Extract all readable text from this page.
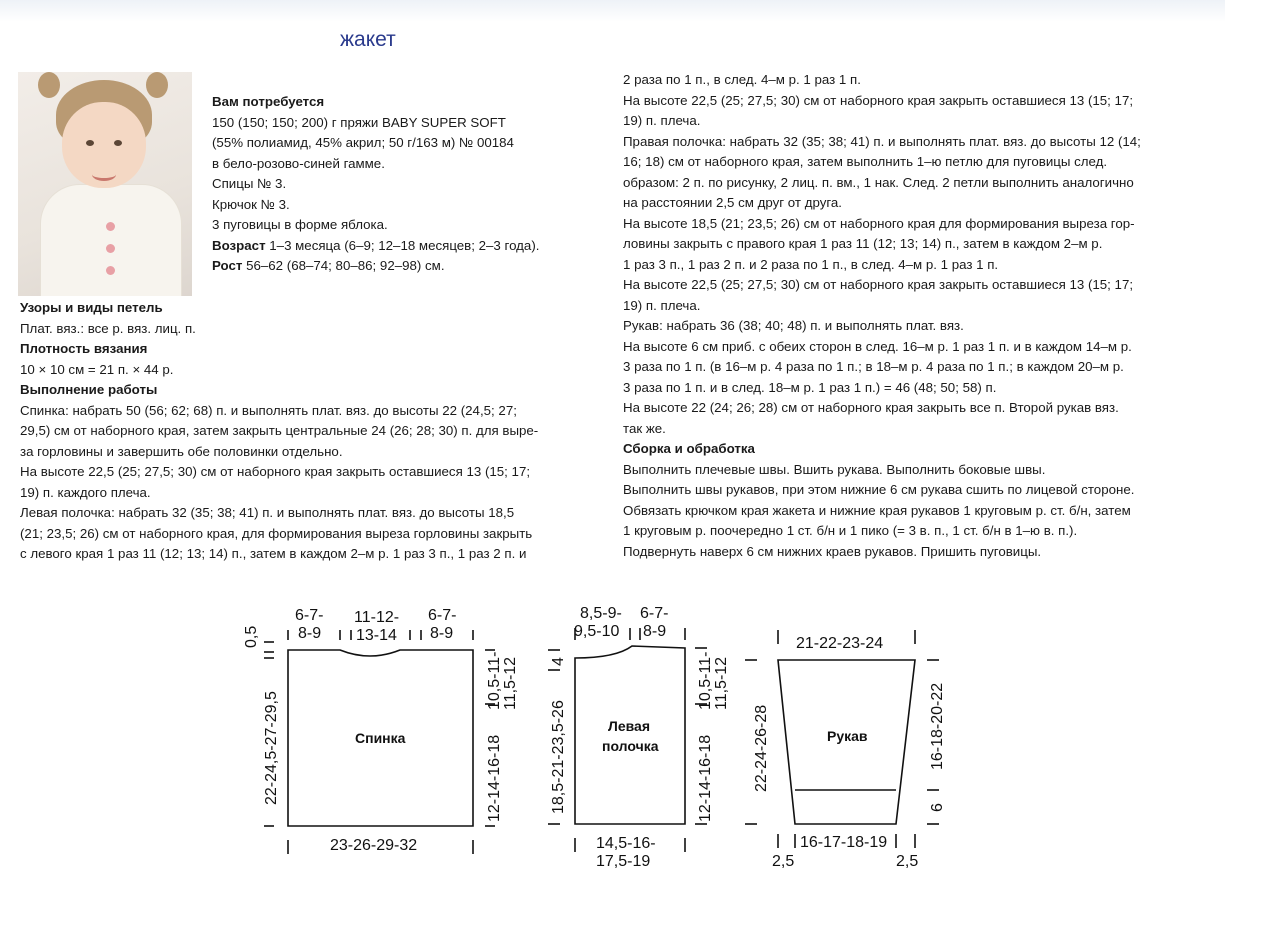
жакет
Вам потребуется
150 (150; 150; 200) г пряжи BABY SUPER SOFT
(55% полиамид, 45% акрил; 50 г/163 м) № 00184
в бело-розово-синей гамме.
Спицы № 3.
Крючок № 3.
3 пуговицы в форме яблока.
Возраст 1–3 месяца (6–9; 12–18 месяцев; 2–3 года).
Рост 56–62 (68–74; 80–86; 92–98) см.
Узоры и виды петель
Плат. вяз.: все р. вяз. лиц. п.
Плотность вязания
10 × 10 см = 21 п. × 44 р.
Выполнение работы
Спинка: набрать 50 (56; 62; 68) п. и выполнять плат. вяз. до высоты 22 (24,5; 27;
29,5) см от наборного края, затем закрыть центральные 24 (26; 28; 30) п. для выре-
за горловины и завершить обе половинки отдельно.
На высоте 22,5 (25; 27,5; 30) см от наборного края закрыть оставшиеся 13 (15; 17;
19) п. каждого плеча.
Левая полочка: набрать 32 (35; 38; 41) п. и выполнять плат. вяз. до высоты 18,5
(21; 23,5; 26) см от наборного края, для формирования выреза горловины закрыть
с левого края 1 раз 11 (12; 13; 14) п., затем в каждом 2–м р. 1 раз 3 п., 1 раз 2 п. и
2 раза по 1 п., в след. 4–м р. 1 раз 1 п.
На высоте 22,5 (25; 27,5; 30) см от наборного края закрыть оставшиеся 13 (15; 17;
19) п. плеча.
Правая полочка: набрать 32 (35; 38; 41) п. и выполнять плат. вяз. до высоты 12 (14;
16; 18) см от наборного края, затем выполнить 1–ю петлю для пуговицы след.
образом: 2 п. по рисунку, 2 лиц. п. вм., 1 нак. След. 2 петли выполнить аналогично
на расстоянии 2,5 см друг от друга.
На высоте 18,5 (21; 23,5; 26) см от наборного края для формирования выреза гор-
ловины закрыть с правого края 1 раз 11 (12; 13; 14) п., затем в каждом 2–м р.
1 раз 3 п., 1 раз 2 п. и 2 раза по 1 п., в след. 4–м р. 1 раз 1 п.
На высоте 22,5 (25; 27,5; 30) см от наборного края закрыть оставшиеся 13 (15; 17;
19) п. плеча.
Рукав: набрать 36 (38; 40; 48) п. и выполнять плат. вяз.
На высоте 6 см приб. с обеих сторон в след. 16–м р. 1 раз 1 п. и в каждом 14–м р.
3 раза по 1 п. (в 16–м р. 4 раза по 1 п.; в 18–м р. 4 раза по 1 п.; в каждом 20–м р.
3 раза по 1 п. и в след. 18–м р. 1 раз 1 п.) = 46 (48; 50; 58) п.
На высоте 22 (24; 26; 28) см от наборного края закрыть все п. Второй рукав вяз.
так же.
Сборка и обработка
Выполнить плечевые швы. Вшить рукава. Выполнить боковые швы.
Выполнить швы рукавов, при этом нижние 6 см рукава сшить по лицевой стороне.
Обвязать крючком края жакета и нижние края рукавов 1 круговым р. ст. б/н, затем
1 круговым р. поочередно 1 ст. б/н и 1 пико (= 3 в. п., 1 ст. б/н в 1–ю в. п.).
Подвернуть наверх 6 см нижних краев рукавов. Пришить пуговицы.
6-7-
8-9
11-12-
13-14
6-7-
8-9
23-26-29-32
Спинка
0,5
22-24,5-27-29,5	12-14-16-18
10,5-11- 11,5-12
8,5-9-
9,5-10
6-7-
8-9
14,5-16-
17,5-19
Левая
полочка
4
18,5-21-23,5-26	12-14-16-18
10,5-11- 11,5-12
21-22-23-24
16-17-18-19
2,5	2,5
Рукав
22-24-26-28	16-18-20-22
6
